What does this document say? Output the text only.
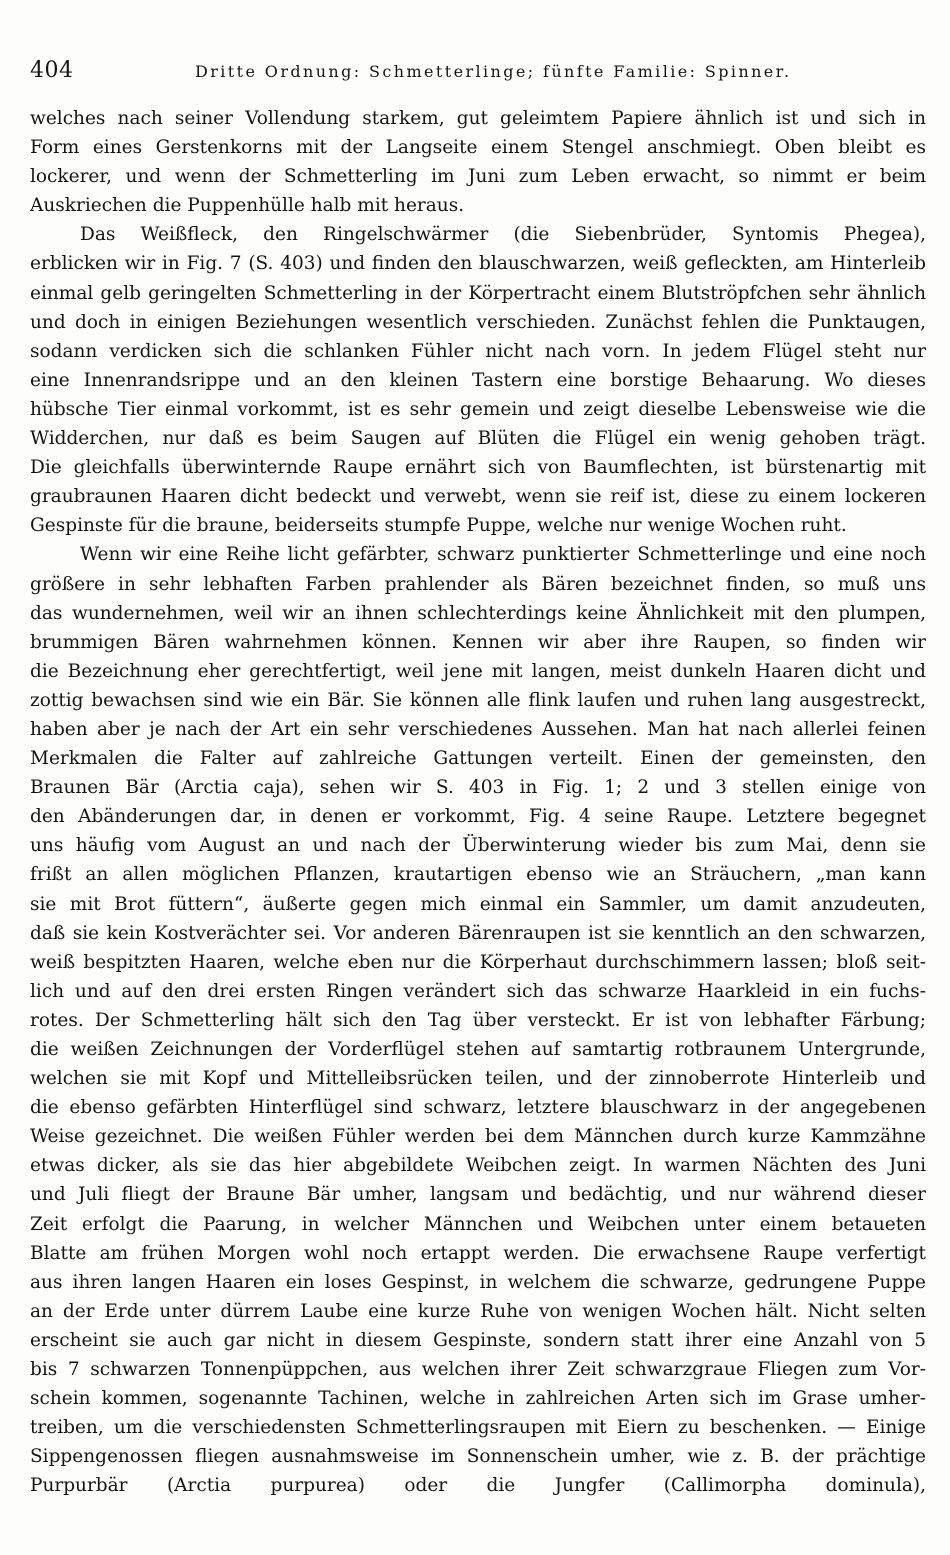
404	Dritte Ordnung: Schmetterlinge; fünfte Familie: Spinner.
welches nach seiner Vollendung starkem, gut geleimtem Papiere ähnlich ist und sich in
Form eines Gerstenkorns mit der Langseite einem Stengel anschmiegt. Oben bleibt es
lockerer, und wenn der Schmetterling im Juni zum Leben erwacht, so nimmt er beim
Auskriechen die Puppenhülle halb mit heraus.
Das Weißfleck, den Ringelschwärmer (die Siebenbrüder, Syntomis Phegea),
erblicken wir in Fig. 7 (S. 403) und finden den blauschwarzen, weiß gefleckten, am Hinterleib
einmal gelb geringelten Schmetterling in der Körpertracht einem Blutströpfchen sehr ähnlich
und doch in einigen Beziehungen wesentlich verschieden. Zunächst fehlen die Punktaugen,
sodann verdicken sich die schlanken Fühler nicht nach vorn. In jedem Flügel steht nur
eine Innenrandsrippe und an den kleinen Tastern eine borstige Behaarung. Wo dieses
hübsche Tier einmal vorkommt, ist es sehr gemein und zeigt dieselbe Lebensweise wie die
Widderchen, nur daß es beim Saugen auf Blüten die Flügel ein wenig gehoben trägt.
Die gleichfalls überwinternde Raupe ernährt sich von Baumflechten, ist bürstenartig mit
graubraunen Haaren dicht bedeckt und verwebt, wenn sie reif ist, diese zu einem lockeren
Gespinste für die braune, beiderseits stumpfe Puppe, welche nur wenige Wochen ruht.
Wenn wir eine Reihe licht gefärbter, schwarz punktierter Schmetterlinge und eine noch
größere in sehr lebhaften Farben prahlender als Bären bezeichnet finden, so muß uns
das wundernehmen, weil wir an ihnen schlechterdings keine Ähnlichkeit mit den plumpen,
brummigen Bären wahrnehmen können. Kennen wir aber ihre Raupen, so finden wir
die Bezeichnung eher gerechtfertigt, weil jene mit langen, meist dunkeln Haaren dicht und
zottig bewachsen sind wie ein Bär. Sie können alle flink laufen und ruhen lang ausgestreckt,
haben aber je nach der Art ein sehr verschiedenes Aussehen. Man hat nach allerlei feinen
Merkmalen die Falter auf zahlreiche Gattungen verteilt. Einen der gemeinsten, den
Braunen Bär (Arctia caja), sehen wir S. 403 in Fig. 1; 2 und 3 stellen einige von
den Abänderungen dar, in denen er vorkommt, Fig. 4 seine Raupe. Letztere begegnet
uns häufig vom August an und nach der Überwinterung wieder bis zum Mai, denn sie
frißt an allen möglichen Pflanzen, krautartigen ebenso wie an Sträuchern, „man kann
sie mit Brot füttern“, äußerte gegen mich einmal ein Sammler, um damit anzudeuten,
daß sie kein Kostverächter sei. Vor anderen Bärenraupen ist sie kenntlich an den schwarzen,
weiß bespitzten Haaren, welche eben nur die Körperhaut durchschimmern lassen; bloß seit-
lich und auf den drei ersten Ringen verändert sich das schwarze Haarkleid in ein fuchs-
rotes. Der Schmetterling hält sich den Tag über versteckt. Er ist von lebhafter Färbung;
die weißen Zeichnungen der Vorderflügel stehen auf samtartig rotbraunem Untergrunde,
welchen sie mit Kopf und Mittelleibsrücken teilen, und der zinnoberrote Hinterleib und
die ebenso gefärbten Hinterflügel sind schwarz, letztere blauschwarz in der angegebenen
Weise gezeichnet. Die weißen Fühler werden bei dem Männchen durch kurze Kammzähne
etwas dicker, als sie das hier abgebildete Weibchen zeigt. In warmen Nächten des Juni
und Juli fliegt der Braune Bär umher, langsam und bedächtig, und nur während dieser
Zeit erfolgt die Paarung, in welcher Männchen und Weibchen unter einem betaueten
Blatte am frühen Morgen wohl noch ertappt werden. Die erwachsene Raupe verfertigt
aus ihren langen Haaren ein loses Gespinst, in welchem die schwarze, gedrungene Puppe
an der Erde unter dürrem Laube eine kurze Ruhe von wenigen Wochen hält. Nicht selten
erscheint sie auch gar nicht in diesem Gespinste, sondern statt ihrer eine Anzahl von 5
bis 7 schwarzen Tonnenpüppchen, aus welchen ihrer Zeit schwarzgraue Fliegen zum Vor-
schein kommen, sogenannte Tachinen, welche in zahlreichen Arten sich im Grase umher-
treiben, um die verschiedensten Schmetterlingsraupen mit Eiern zu beschenken. — Einige
Sippengenossen fliegen ausnahmsweise im Sonnenschein umher, wie z. B. der prächtige
Purpurbär (Arctia purpurea) oder die Jungfer (Callimorpha dominula),
